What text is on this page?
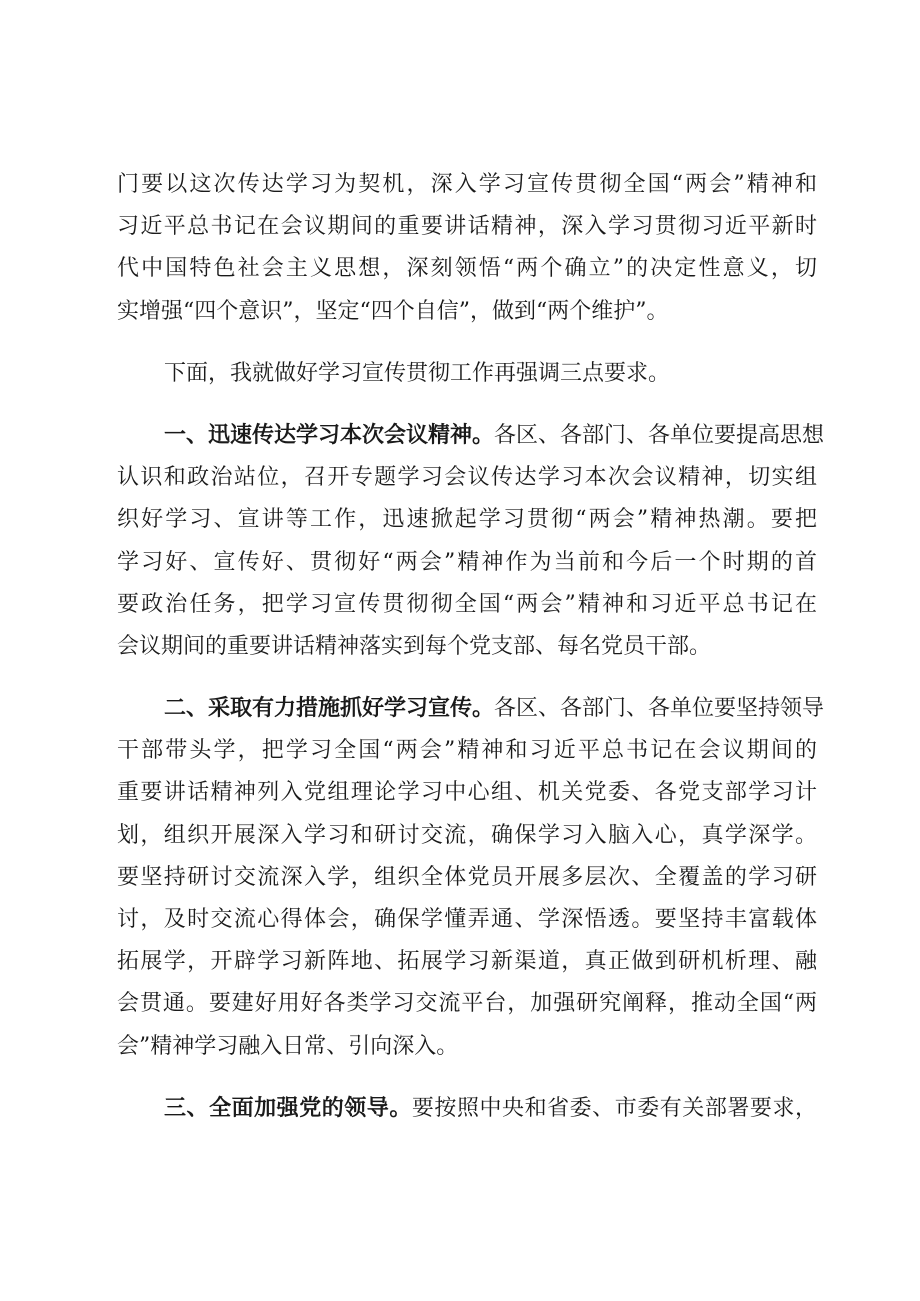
门要以这次传达学习为契机，深入学习宣传贯彻全国“两会”精神和
习近平总书记在会议期间的重要讲话精神，深入学习贯彻习近平新时
代中国特色社会主义思想，深刻领悟“两个确立”的决定性意义，切
实增强“四个意识”，坚定“四个自信”，做到“两个维护”。
下面，我就做好学习宣传贯彻工作再强调三点要求。
一、迅速传达学习本次会议精神。各区、各部门、各单位要提高思想
认识和政治站位，召开专题学习会议传达学习本次会议精神，切实组
织好学习、宣讲等工作，迅速掀起学习贯彻“两会”精神热潮。要把
学习好、宣传好、贯彻好“两会”精神作为当前和今后一个时期的首
要政治任务，把学习宣传贯彻彻全国“两会”精神和习近平总书记在
会议期间的重要讲话精神落实到每个党支部、每名党员干部。
二、采取有力措施抓好学习宣传。各区、各部门、各单位要坚持领导
干部带头学，把学习全国“两会”精神和习近平总书记在会议期间的
重要讲话精神列入党组理论学习中心组、机关党委、各党支部学习计
划，组织开展深入学习和研讨交流，确保学习入脑入心，真学深学。
要坚持研讨交流深入学，组织全体党员开展多层次、全覆盖的学习研
讨，及时交流心得体会，确保学懂弄通、学深悟透。要坚持丰富载体
拓展学，开辟学习新阵地、拓展学习新渠道，真正做到研机析理、融
会贯通。要建好用好各类学习交流平台，加强研究阐释，推动全国“两
会”精神学习融入日常、引向深入。
三、全面加强党的领导。要按照中央和省委、市委有关部署要求，
